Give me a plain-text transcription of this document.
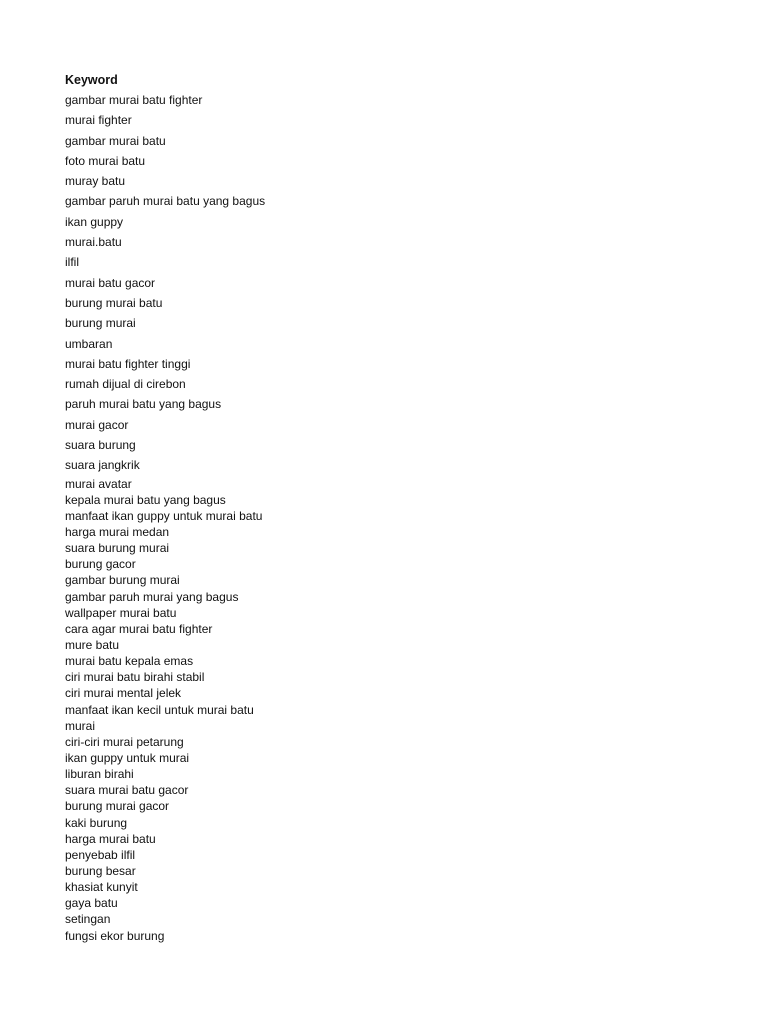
Keyword
gambar murai batu fighter
murai fighter
gambar murai batu
foto murai batu
muray batu
gambar paruh murai batu yang bagus
ikan guppy
murai.batu
ilfil
murai batu gacor
burung murai batu
burung murai
umbaran
murai batu fighter tinggi
rumah dijual di cirebon
paruh murai batu yang bagus
murai gacor
suara burung
suara jangkrik
murai avatar
kepala murai batu yang bagus
manfaat ikan guppy untuk murai batu
harga murai medan
suara burung murai
burung gacor
gambar burung murai
gambar paruh murai yang bagus
wallpaper murai batu
cara agar murai batu fighter
mure batu
murai batu kepala emas
ciri murai batu birahi stabil
ciri murai mental jelek
manfaat ikan kecil untuk murai batu
murai
ciri-ciri murai petarung
ikan guppy untuk murai
liburan birahi
suara murai batu gacor
burung murai gacor
kaki burung
harga murai batu
penyebab ilfil
burung besar
khasiat kunyit
gaya batu
setingan
fungsi ekor burung
